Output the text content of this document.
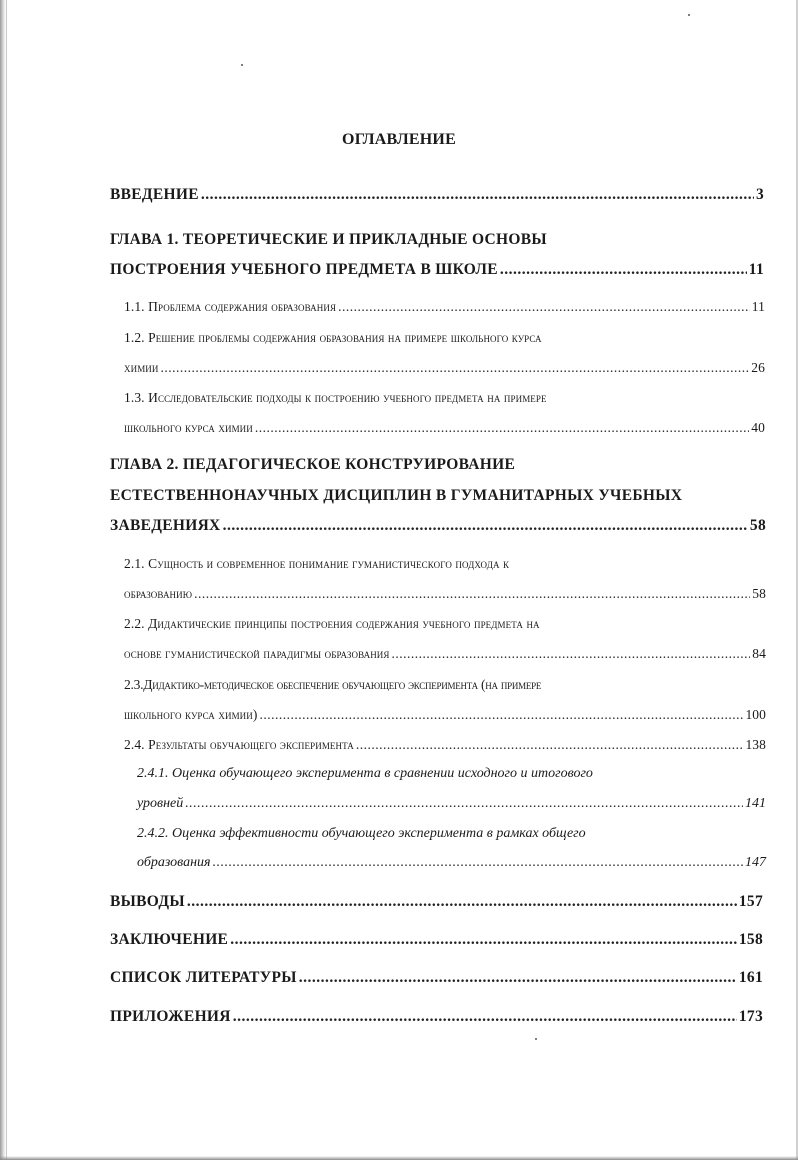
ОГЛАВЛЕНИЕ
ВВЕДЕНИЕ .....	3
ГЛАВА 1. ТЕОРЕТИЧЕСКИЕ И ПРИКЛАДНЫЕ ОСНОВЫ
ПОСТРОЕНИЯ УЧЕБНОГО ПРЕДМЕТА В ШКОЛЕ .....	11
1.1. Проблема содержания образования .....	11
1.2. Решение проблемы содержания образования на примере школьного курса
химии .....	26
1.3. Исследовательские подходы к построению учебного предмета на примере
школьного курса химии .....	40
ГЛАВА 2. ПЕДАГОГИЧЕСКОЕ КОНСТРУИРОВАНИЕ
ЕСТЕСТВЕННОНАУЧНЫХ ДИСЦИПЛИН В ГУМАНИТАРНЫХ УЧЕБНЫХ
ЗАВЕДЕНИЯХ .....	58
2.1. Сущность и современное понимание гуманистического подхода к
образованию .....	58
2.2. Дидактические принципы построения содержания учебного предмета на
основе гуманистической парадигмы образования .....	84
2.3.Дидактико-методическое обеспечение обучающего эксперимента (на примере
школьного курса химии) .....	100
2.4. Результаты обучающего эксперимента .....	138
2.4.1. Оценка обучающего эксперимента в сравнении исходного и итогового
уровней .....	141
2.4.2. Оценка эффективности обучающего эксперимента в рамках общего
образования .....	147
ВЫВОДЫ .....	157
ЗАКЛЮЧЕНИЕ .....	158
СПИСОК ЛИТЕРАТУРЫ .....	161
ПРИЛОЖЕНИЯ .....	173
